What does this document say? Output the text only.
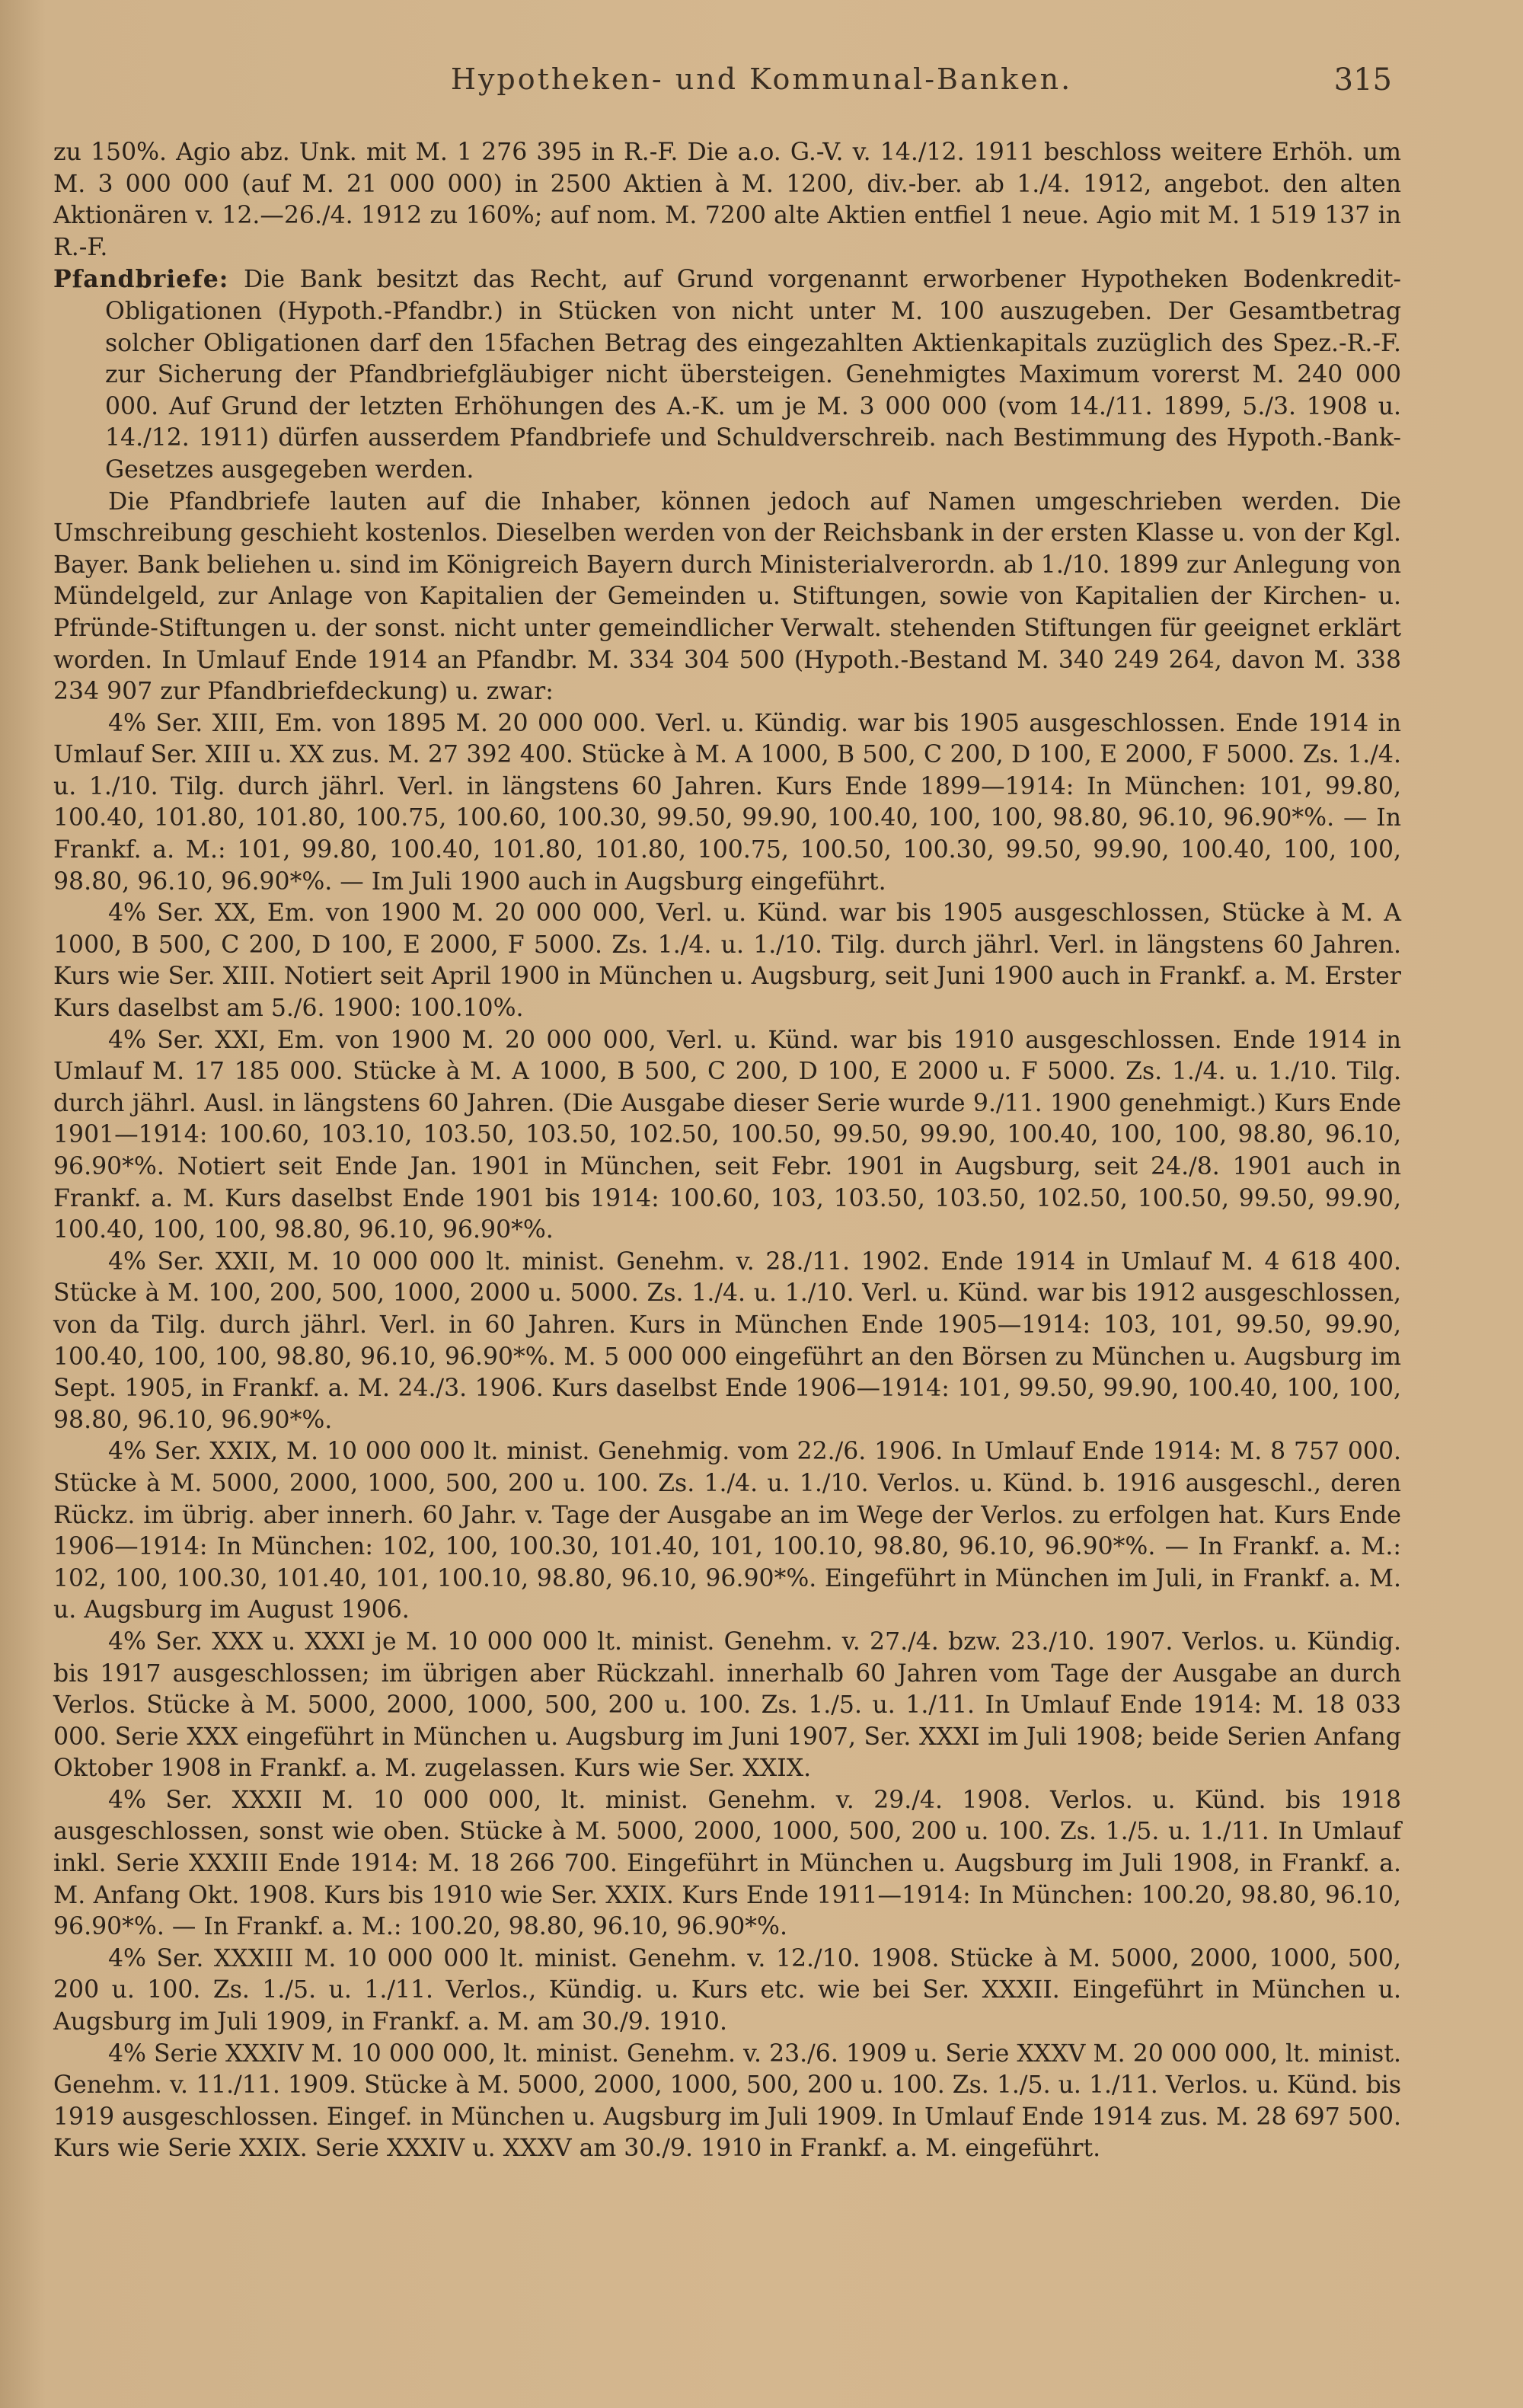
Hypotheken- und Kommunal-Banken.	315

zu 150%. Agio abz. Unk. mit M. 1 276 395 in R.-F. Die a.o. G.-V. v. 14./12. 1911 beschloss weitere Erhöh. um M. 3 000 000 (auf M. 21 000 000) in 2500 Aktien à M. 1200, div.-ber. ab 1./4. 1912, angebot. den alten Aktionären v. 12.—26./4. 1912 zu 160%; auf nom. M. 7200 alte Aktien entfiel 1 neue. Agio mit M. 1 519 137 in R.-F.

Pfandbriefe: Die Bank besitzt das Recht, auf Grund vorgenannt erworbener Hypotheken Bodenkredit-Obligationen (Hypoth.-Pfandbr.) in Stücken von nicht unter M. 100 auszugeben. Der Gesamtbetrag solcher Obligationen darf den 15fachen Betrag des eingezahlten Aktienkapitals zuzüglich des Spez.-R.-F. zur Sicherung der Pfandbriefgläubiger nicht übersteigen. Genehmigtes Maximum vorerst M. 240 000 000. Auf Grund der letzten Erhöhungen des A.-K. um je M. 3 000 000 (vom 14./11. 1899, 5./3. 1908 u. 14./12. 1911) dürfen ausserdem Pfandbriefe und Schuldverschreib. nach Bestimmung des Hypoth.-Bank-Gesetzes ausgegeben werden.

Die Pfandbriefe lauten auf die Inhaber, können jedoch auf Namen umgeschrieben werden. Die Umschreibung geschieht kostenlos. Dieselben werden von der Reichsbank in der ersten Klasse u. von der Kgl. Bayer. Bank beliehen u. sind im Königreich Bayern durch Ministerialverordn. ab 1./10. 1899 zur Anlegung von Mündelgeld, zur Anlage von Kapitalien der Gemeinden u. Stiftungen, sowie von Kapitalien der Kirchen- u. Pfründe-Stiftungen u. der sonst. nicht unter gemeindlicher Verwalt. stehenden Stiftungen für geeignet erklärt worden. In Umlauf Ende 1914 an Pfandbr. M. 334 304 500 (Hypoth.-Bestand M. 340 249 264, davon M. 338 234 907 zur Pfandbriefdeckung) u. zwar:

4% Ser. XIII, Em. von 1895 M. 20 000 000. Verl. u. Kündig. war bis 1905 ausgeschlossen. Ende 1914 in Umlauf Ser. XIII u. XX zus. M. 27 392 400. Stücke à M. A 1000, B 500, C 200, D 100, E 2000, F 5000. Zs. 1./4. u. 1./10. Tilg. durch jährl. Verl. in längstens 60 Jahren. Kurs Ende 1899—1914: In München: 101, 99.80, 100.40, 101.80, 101.80, 100.75, 100.60, 100.30, 99.50, 99.90, 100.40, 100, 100, 98.80, 96.10, 96.90*%. — In Frankf. a. M.: 101, 99.80, 100.40, 101.80, 101.80, 100.75, 100.50, 100.30, 99.50, 99.90, 100.40, 100, 100, 98.80, 96.10, 96.90*%. — Im Juli 1900 auch in Augsburg eingeführt.

4% Ser. XX, Em. von 1900 M. 20 000 000, Verl. u. Künd. war bis 1905 ausgeschlossen, Stücke à M. A 1000, B 500, C 200, D 100, E 2000, F 5000. Zs. 1./4. u. 1./10. Tilg. durch jährl. Verl. in längstens 60 Jahren. Kurs wie Ser. XIII. Notiert seit April 1900 in München u. Augsburg, seit Juni 1900 auch in Frankf. a. M. Erster Kurs daselbst am 5./6. 1900: 100.10%.

4% Ser. XXI, Em. von 1900 M. 20 000 000, Verl. u. Künd. war bis 1910 ausgeschlossen. Ende 1914 in Umlauf M. 17 185 000. Stücke à M. A 1000, B 500, C 200, D 100, E 2000 u. F 5000. Zs. 1./4. u. 1./10. Tilg. durch jährl. Ausl. in längstens 60 Jahren. (Die Ausgabe dieser Serie wurde 9./11. 1900 genehmigt.) Kurs Ende 1901—1914: 100.60, 103.10, 103.50, 103.50, 102.50, 100.50, 99.50, 99.90, 100.40, 100, 100, 98.80, 96.10, 96.90*%. Notiert seit Ende Jan. 1901 in München, seit Febr. 1901 in Augsburg, seit 24./8. 1901 auch in Frankf. a. M. Kurs daselbst Ende 1901 bis 1914: 100.60, 103, 103.50, 103.50, 102.50, 100.50, 99.50, 99.90, 100.40, 100, 100, 98.80, 96.10, 96.90*%.

4% Ser. XXII, M. 10 000 000 lt. minist. Genehm. v. 28./11. 1902. Ende 1914 in Umlauf M. 4 618 400. Stücke à M. 100, 200, 500, 1000, 2000 u. 5000. Zs. 1./4. u. 1./10. Verl. u. Künd. war bis 1912 ausgeschlossen, von da Tilg. durch jährl. Verl. in 60 Jahren. Kurs in München Ende 1905—1914: 103, 101, 99.50, 99.90, 100.40, 100, 100, 98.80, 96.10, 96.90*%. M. 5 000 000 eingeführt an den Börsen zu München u. Augsburg im Sept. 1905, in Frankf. a. M. 24./3. 1906. Kurs daselbst Ende 1906—1914: 101, 99.50, 99.90, 100.40, 100, 100, 98.80, 96.10, 96.90*%.

4% Ser. XXIX, M. 10 000 000 lt. minist. Genehmig. vom 22./6. 1906. In Umlauf Ende 1914: M. 8 757 000. Stücke à M. 5000, 2000, 1000, 500, 200 u. 100. Zs. 1./4. u. 1./10. Verlos. u. Künd. b. 1916 ausgeschl., deren Rückz. im übrig. aber innerh. 60 Jahr. v. Tage der Ausgabe an im Wege der Verlos. zu erfolgen hat. Kurs Ende 1906—1914: In München: 102, 100, 100.30, 101.40, 101, 100.10, 98.80, 96.10, 96.90*%. — In Frankf. a. M.: 102, 100, 100.30, 101.40, 101, 100.10, 98.80, 96.10, 96.90*%. Eingeführt in München im Juli, in Frankf. a. M. u. Augsburg im August 1906.

4% Ser. XXX u. XXXI je M. 10 000 000 lt. minist. Genehm. v. 27./4. bzw. 23./10. 1907. Verlos. u. Kündig. bis 1917 ausgeschlossen; im übrigen aber Rückzahl. innerhalb 60 Jahren vom Tage der Ausgabe an durch Verlos. Stücke à M. 5000, 2000, 1000, 500, 200 u. 100. Zs. 1./5. u. 1./11. In Umlauf Ende 1914: M. 18 033 000. Serie XXX eingeführt in München u. Augsburg im Juni 1907, Ser. XXXI im Juli 1908; beide Serien Anfang Oktober 1908 in Frankf. a. M. zugelassen. Kurs wie Ser. XXIX.

4% Ser. XXXII M. 10 000 000, lt. minist. Genehm. v. 29./4. 1908. Verlos. u. Künd. bis 1918 ausgeschlossen, sonst wie oben. Stücke à M. 5000, 2000, 1000, 500, 200 u. 100. Zs. 1./5. u. 1./11. In Umlauf inkl. Serie XXXIII Ende 1914: M. 18 266 700. Eingeführt in München u. Augsburg im Juli 1908, in Frankf. a. M. Anfang Okt. 1908. Kurs bis 1910 wie Ser. XXIX. Kurs Ende 1911—1914: In München: 100.20, 98.80, 96.10, 96.90*%. — In Frankf. a. M.: 100.20, 98.80, 96.10, 96.90*%.

4% Ser. XXXIII M. 10 000 000 lt. minist. Genehm. v. 12./10. 1908. Stücke à M. 5000, 2000, 1000, 500, 200 u. 100. Zs. 1./5. u. 1./11. Verlos., Kündig. u. Kurs etc. wie bei Ser. XXXII. Eingeführt in München u. Augsburg im Juli 1909, in Frankf. a. M. am 30./9. 1910.

4% Serie XXXIV M. 10 000 000, lt. minist. Genehm. v. 23./6. 1909 u. Serie XXXV M. 20 000 000, lt. minist. Genehm. v. 11./11. 1909. Stücke à M. 5000, 2000, 1000, 500, 200 u. 100. Zs. 1./5. u. 1./11. Verlos. u. Künd. bis 1919 ausgeschlossen. Eingef. in München u. Augsburg im Juli 1909. In Umlauf Ende 1914 zus. M. 28 697 500. Kurs wie Serie XXIX. Serie XXXIV u. XXXV am 30./9. 1910 in Frankf. a. M. eingeführt.
